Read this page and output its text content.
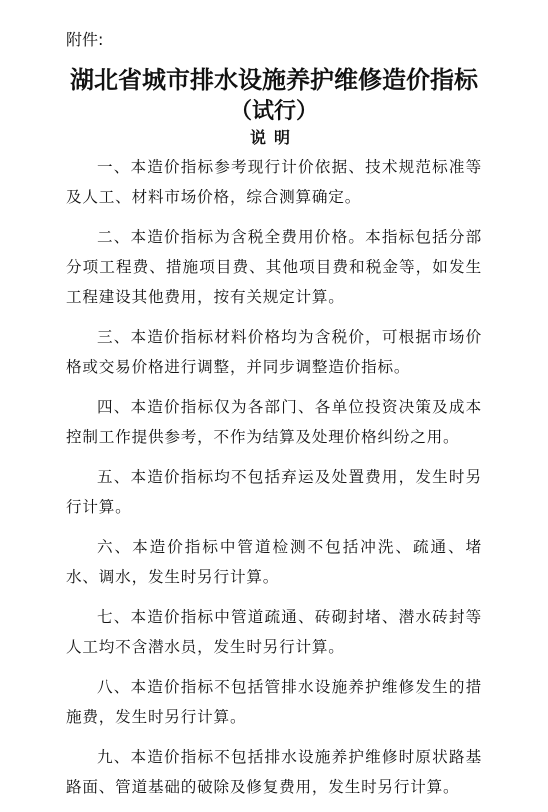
附件:
湖北省城市排水设施养护维修造价指标
（试行）
说明

一、本造价指标参考现行计价依据、技术规范标准等及人工、材料市场价格，综合测算确定。

二、本造价指标为含税全费用价格。本指标包括分部分项工程费、措施项目费、其他项目费和税金等，如发生工程建设其他费用，按有关规定计算。

三、本造价指标材料价格均为含税价，可根据市场价格或交易价格进行调整，并同步调整造价指标。

四、本造价指标仅为各部门、各单位投资决策及成本控制工作提供参考，不作为结算及处理价格纠纷之用。

五、本造价指标均不包括弃运及处置费用，发生时另行计算。

六、本造价指标中管道检测不包括冲洗、疏通、堵水、调水，发生时另行计算。

七、本造价指标中管道疏通、砖砌封堵、潜水砖封等人工均不含潜水员，发生时另行计算。

八、本造价指标不包括管排水设施养护维修发生的措施费，发生时另行计算。

九、本造价指标不包括排水设施养护维修时原状路基路面、管道基础的破除及修复费用，发生时另行计算。
